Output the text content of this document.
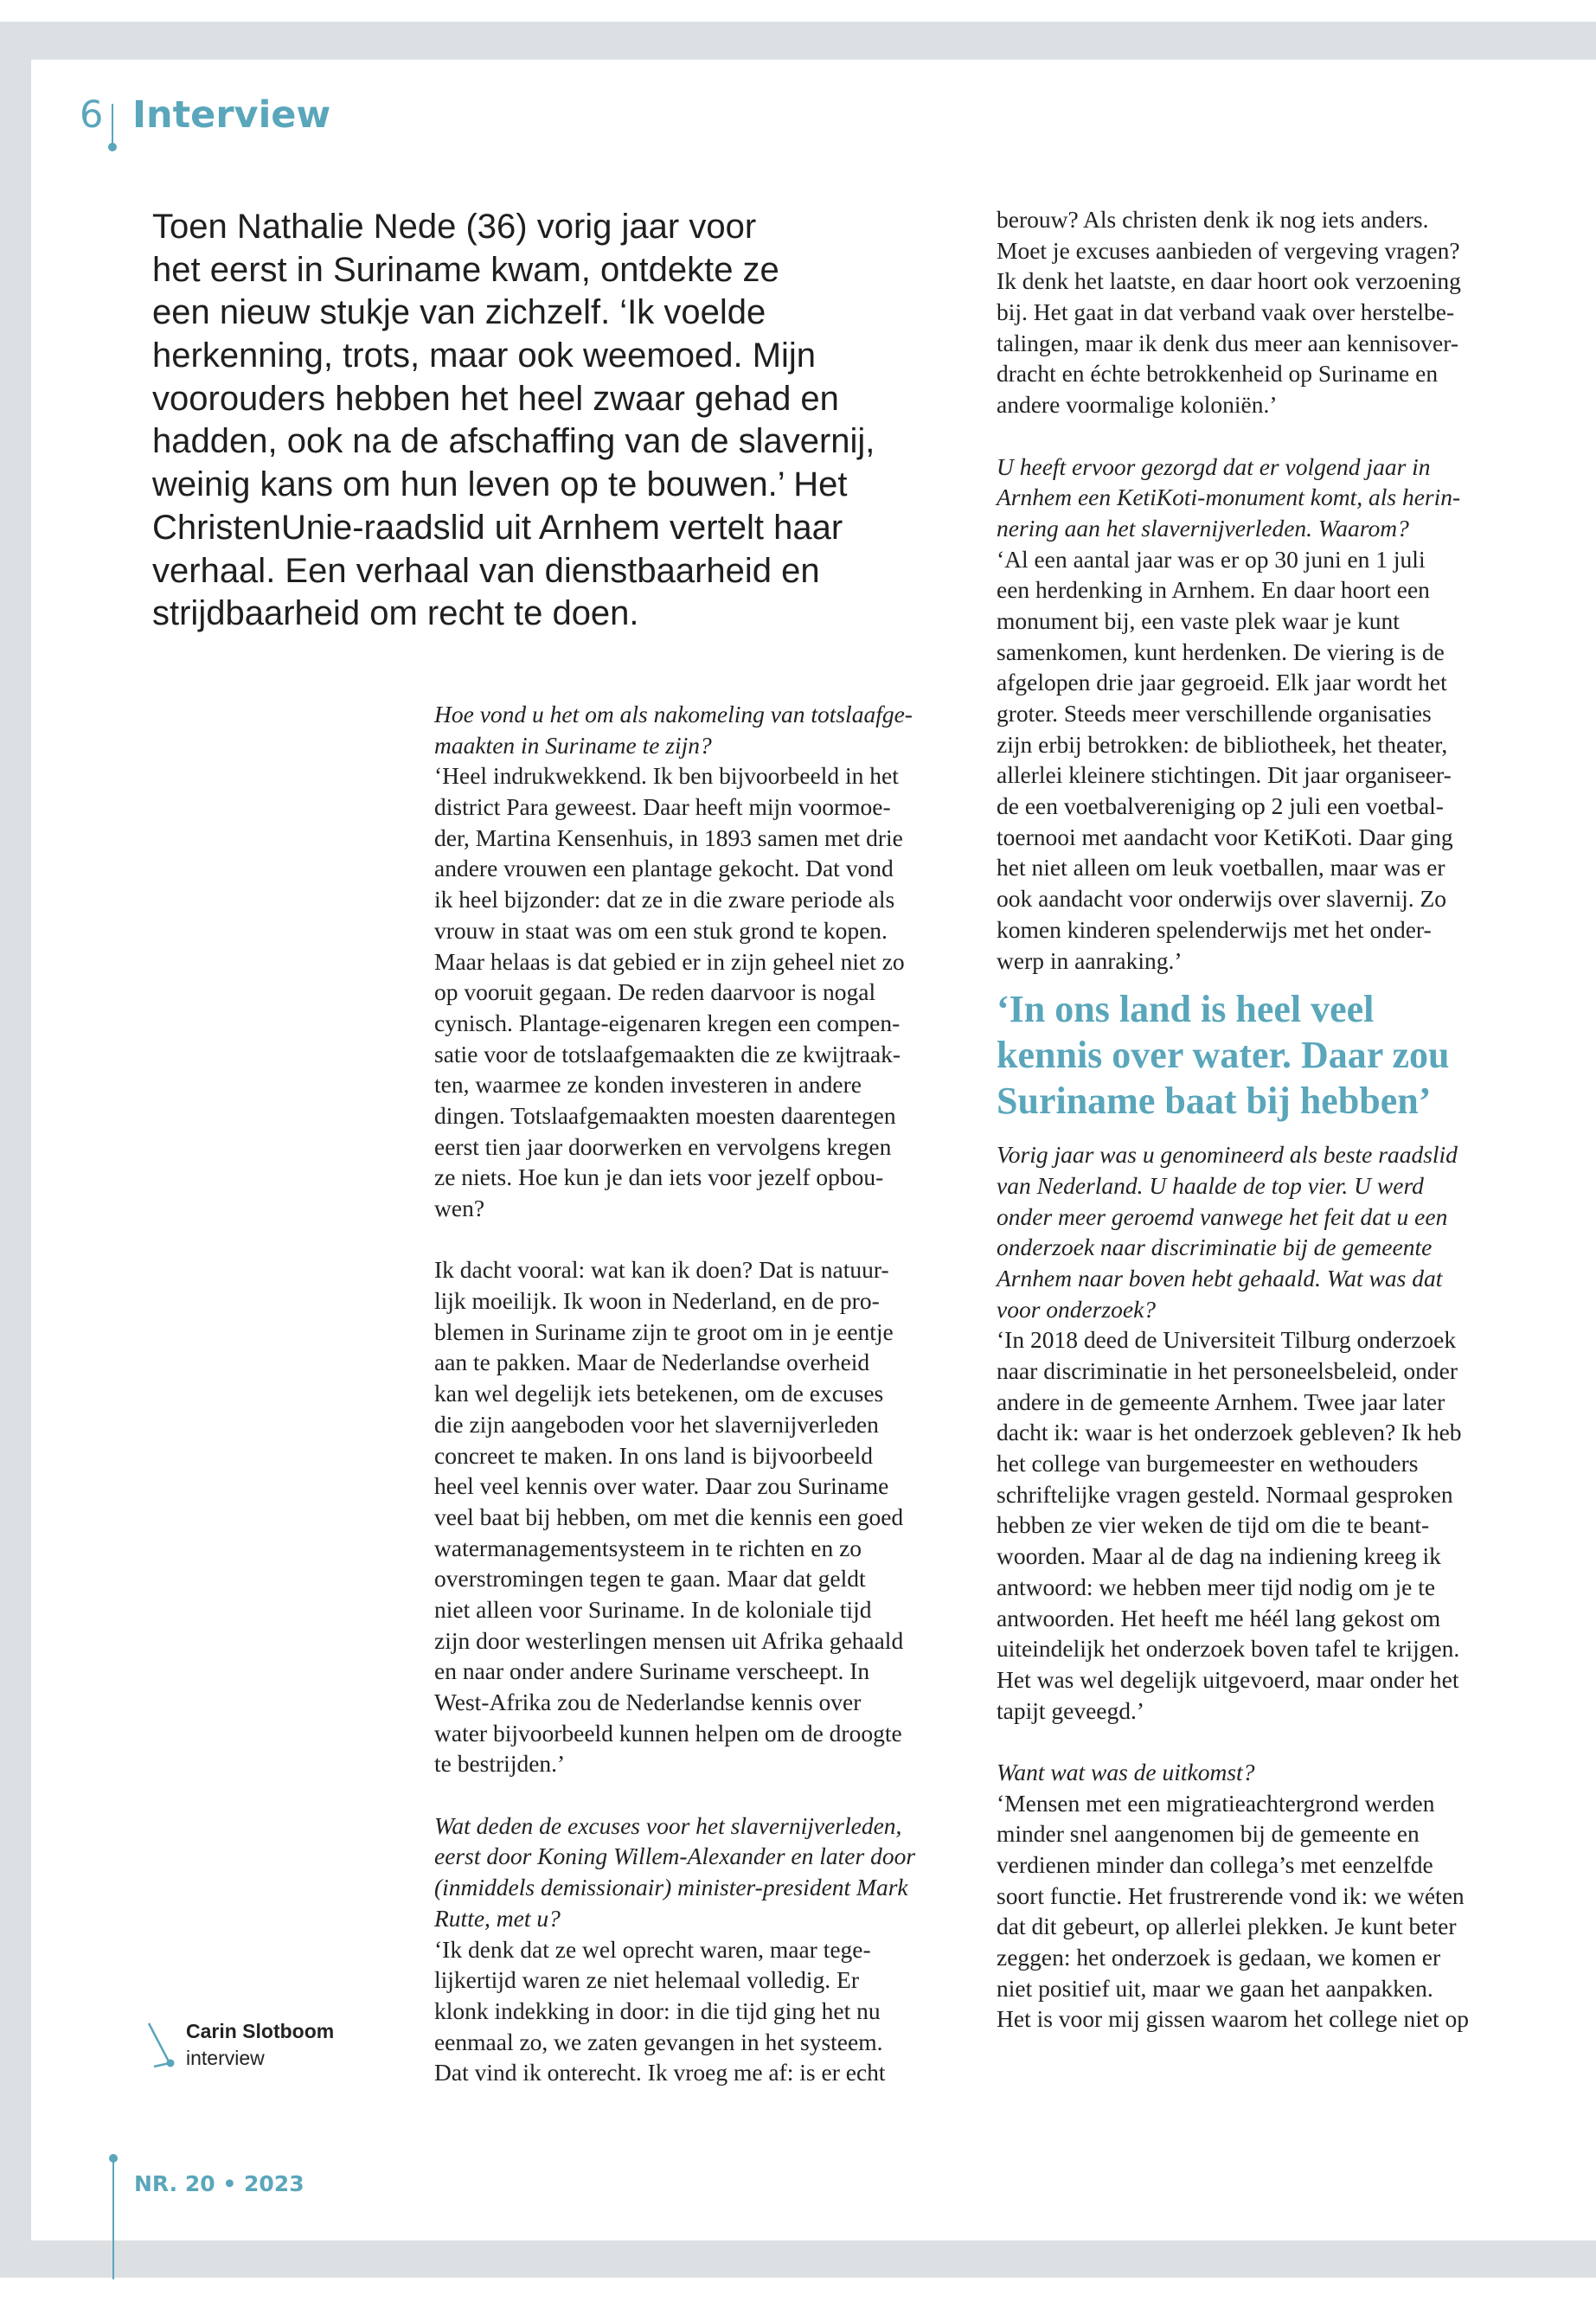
6 Interview
Toen Nathalie Nede (36) vorig jaar voor
het eerst in Suriname kwam, ontdekte ze
een nieuw stukje van zichzelf. ‘Ik voelde
herkenning, trots, maar ook weemoed. Mijn
voorouders hebben het heel zwaar gehad en
hadden, ook na de afschaffing van de slavernij,
weinig kans om hun leven op te bouwen.’ Het
ChristenUnie-raadslid uit Arnhem vertelt haar
verhaal. Een verhaal van dienstbaarheid en
strijdbaarheid om recht te doen.
Hoe vond u het om als nakomeling van totslaafge-
maakten in Suriname te zijn?
‘Heel indrukwekkend. Ik ben bijvoorbeeld in het
district Para geweest. Daar heeft mijn voormoe-
der, Martina Kensenhuis, in 1893 samen met drie
andere vrouwen een plantage gekocht. Dat vond
ik heel bijzonder: dat ze in die zware periode als
vrouw in staat was om een stuk grond te kopen.
Maar helaas is dat gebied er in zijn geheel niet zo
op vooruit gegaan. De reden daarvoor is nogal
cynisch. Plantage-eigenaren kregen een compen-
satie voor de totslaafgemaakten die ze kwijtraak-
ten, waarmee ze konden investeren in andere
dingen. Totslaafgemaakten moesten daarentegen
eerst tien jaar doorwerken en vervolgens kregen
ze niets. Hoe kun je dan iets voor jezelf opbou-
wen?
Ik dacht vooral: wat kan ik doen? Dat is natuur-
lijk moeilijk. Ik woon in Nederland, en de pro-
blemen in Suriname zijn te groot om in je eentje
aan te pakken. Maar de Nederlandse overheid
kan wel degelijk iets betekenen, om de excuses
die zijn aangeboden voor het slavernijverleden
concreet te maken. In ons land is bijvoorbeeld
heel veel kennis over water. Daar zou Suriname
veel baat bij hebben, om met die kennis een goed
watermanagementsysteem in te richten en zo
overstromingen tegen te gaan. Maar dat geldt
niet alleen voor Suriname. In de koloniale tijd
zijn door westerlingen mensen uit Afrika gehaald
en naar onder andere Suriname verscheept. In
West-Afrika zou de Nederlandse kennis over
water bijvoorbeeld kunnen helpen om de droogte
te bestrijden.’
Wat deden de excuses voor het slavernijverleden,
eerst door Koning Willem-Alexander en later door
(inmiddels demissionair) minister-president Mark
Rutte, met u?
‘Ik denk dat ze wel oprecht waren, maar tege-
lijkertijd waren ze niet helemaal volledig. Er
klonk indekking in door: in die tijd ging het nu
eenmaal zo, we zaten gevangen in het systeem.
Dat vind ik onterecht. Ik vroeg me af: is er echt
berouw? Als christen denk ik nog iets anders.
Moet je excuses aanbieden of vergeving vragen?
Ik denk het laatste, en daar hoort ook verzoening
bij. Het gaat in dat verband vaak over herstelbe-
talingen, maar ik denk dus meer aan kennisover-
dracht en échte betrokkenheid op Suriname en
andere voormalige koloniën.’
U heeft ervoor gezorgd dat er volgend jaar in
Arnhem een KetiKoti-monument komt, als herin-
nering aan het slavernijverleden. Waarom?
‘Al een aantal jaar was er op 30 juni en 1 juli
een herdenking in Arnhem. En daar hoort een
monument bij, een vaste plek waar je kunt
samenkomen, kunt herdenken. De viering is de
afgelopen drie jaar gegroeid. Elk jaar wordt het
groter. Steeds meer verschillende organisaties
zijn erbij betrokken: de bibliotheek, het theater,
allerlei kleinere stichtingen. Dit jaar organiseer-
de een voetbalvereniging op 2 juli een voetbal-
toernooi met aandacht voor KetiKoti. Daar ging
het niet alleen om leuk voetballen, maar was er
ook aandacht voor onderwijs over slavernij. Zo
komen kinderen spelenderwijs met het onder-
werp in aanraking.’
‘In ons land is heel veel
kennis over water. Daar zou
Suriname baat bij hebben’
Vorig jaar was u genomineerd als beste raadslid
van Nederland. U haalde de top vier. U werd
onder meer geroemd vanwege het feit dat u een
onderzoek naar discriminatie bij de gemeente
Arnhem naar boven hebt gehaald. Wat was dat
voor onderzoek?
‘In 2018 deed de Universiteit Tilburg onderzoek
naar discriminatie in het personeelsbeleid, onder
andere in de gemeente Arnhem. Twee jaar later
dacht ik: waar is het onderzoek gebleven? Ik heb
het college van burgemeester en wethouders
schriftelijke vragen gesteld. Normaal gesproken
hebben ze vier weken de tijd om die te beant-
woorden. Maar al de dag na indiening kreeg ik
antwoord: we hebben meer tijd nodig om je te
antwoorden. Het heeft me héél lang gekost om
uiteindelijk het onderzoek boven tafel te krijgen.
Het was wel degelijk uitgevoerd, maar onder het
tapijt geveegd.’
Want wat was de uitkomst?
‘Mensen met een migratieachtergrond werden
minder snel aangenomen bij de gemeente en
verdienen minder dan collega’s met eenzelfde
soort functie. Het frustrerende vond ik: we wéten
dat dit gebeurt, op allerlei plekken. Je kunt beter
zeggen: het onderzoek is gedaan, we komen er
niet positief uit, maar we gaan het aanpakken.
Het is voor mij gissen waarom het college niet op
Carin Slotboom
interview
NR. 20 • 2023
